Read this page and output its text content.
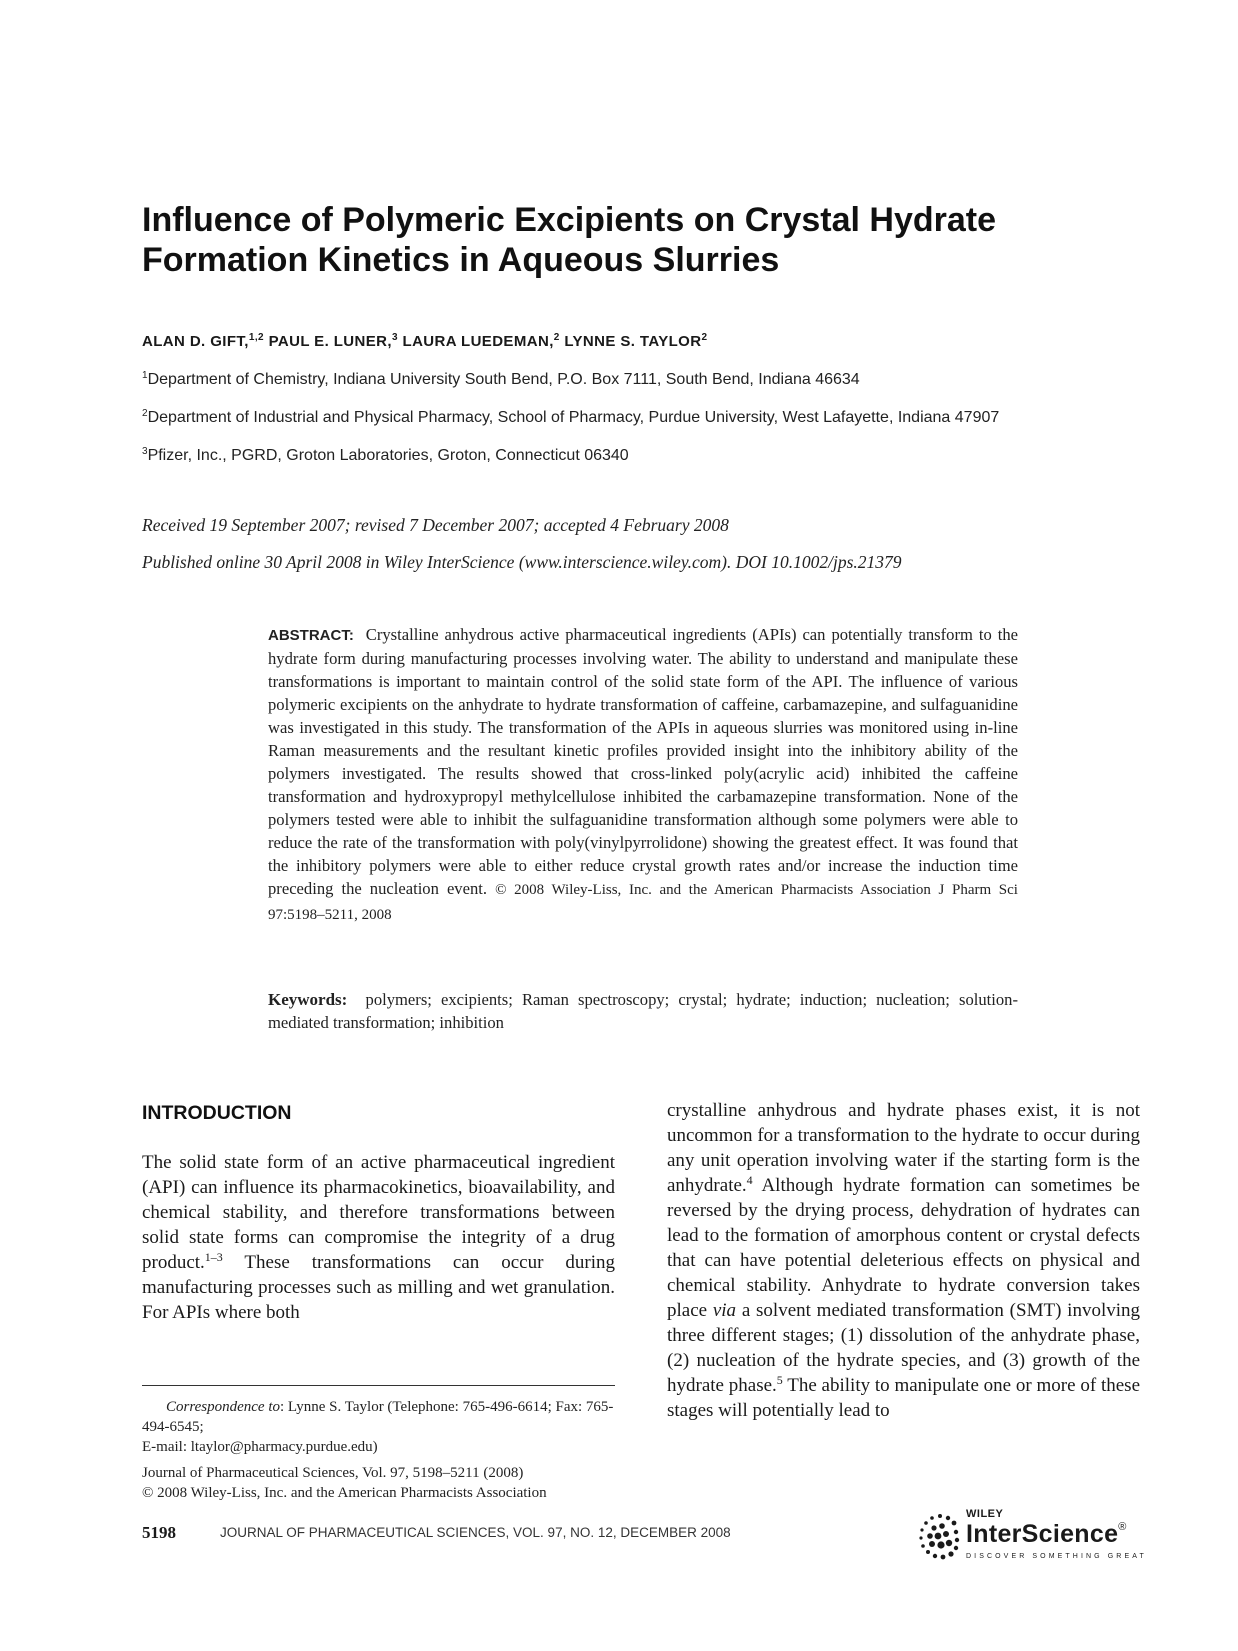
Influence of Polymeric Excipients on Crystal Hydrate
Formation Kinetics in Aqueous Slurries
ALAN D. GIFT,$^{1,2}$ PAUL E. LUNER,$^3$ LAURA LUEDEMAN,$^2$ LYNNE S. TAYLOR$^2$
$^1$Department of Chemistry, Indiana University South Bend, P.O. Box 7111, South Bend, Indiana 46634
$^2$Department of Industrial and Physical Pharmacy, School of Pharmacy, Purdue University, West Lafayette, Indiana 47907
$^3$Pfizer, Inc., PGRD, Groton Laboratories, Groton, Connecticut 06340
Received 19 September 2007; revised 7 December 2007; accepted 4 February 2008
Published online 30 April 2008 in Wiley InterScience (www.interscience.wiley.com). DOI 10.1002/jps.21379
ABSTRACT: Crystalline anhydrous active pharmaceutical ingredients (APIs) can potentially transform to the hydrate form during manufacturing processes involving water. The ability to understand and manipulate these transformations is important to maintain control of the solid state form of the API. The influence of various polymeric excipients on the anhydrate to hydrate transformation of caffeine, carbamazepine, and sulfaguanidine was investigated in this study. The transformation of the APIs in aqueous slurries was monitored using in-line Raman measurements and the resultant kinetic profiles provided insight into the inhibitory ability of the polymers investigated. The results showed that cross-linked poly(acrylic acid) inhibited the caffeine transformation and hydroxypropyl methylcellulose inhibited the carbamazepine transformation. None of the polymers tested were able to inhibit the sulfaguanidine transformation although some polymers were able to reduce the rate of the transformation with poly(vinylpyrrolidone) showing the greatest effect. It was found that the inhibitory polymers were able to either reduce crystal growth rates and/or increase the induction time preceding the nucleation event. © 2008 Wiley-Liss, Inc. and the American Pharmacists Association J Pharm Sci 97:5198–5211, 2008
Keywords: polymers; excipients; Raman spectroscopy; crystal; hydrate; induction; nucleation; solution-mediated transformation; inhibition
INTRODUCTION

The solid state form of an active pharmaceutical ingredient (API) can influence its pharmacokinetics, bioavailability, and chemical stability, and therefore transformations between solid state forms can compromise the integrity of a drug product.$^{1-3}$ These transformations can occur during manufacturing processes such as milling and wet granulation. For APIs where both

crystalline anhydrous and hydrate phases exist, it is not uncommon for a transformation to the hydrate to occur during any unit operation involving water if the starting form is the anhydrate.$^4$ Although hydrate formation can sometimes be reversed by the drying process, dehydration of hydrates can lead to the formation of amorphous content or crystal defects that can have potential deleterious effects on physical and chemical stability. Anhydrate to hydrate conversion takes place via a solvent mediated transformation (SMT) involving three different stages; (1) dissolution of the anhydrate phase, (2) nucleation of the hydrate species, and (3) growth of the hydrate phase.$^5$ The ability to manipulate one or more of these stages will potentially lead to

Correspondence to: Lynne S. Taylor (Telephone: 765-496-6614; Fax: 765-494-6545;

E-mail: ltaylor@pharmacy.purdue.edu)

Journal of Pharmaceutical Sciences, Vol. 97, 5198–5211 (2008)

© 2008 Wiley-Liss, Inc. and the American Pharmacists Association

5198	JOURNAL OF PHARMACEUTICAL SCIENCES, VOL. 97, NO. 12, DECEMBER 2008
WILEY
InterScience®
DISCOVER SOMETHING GREAT
